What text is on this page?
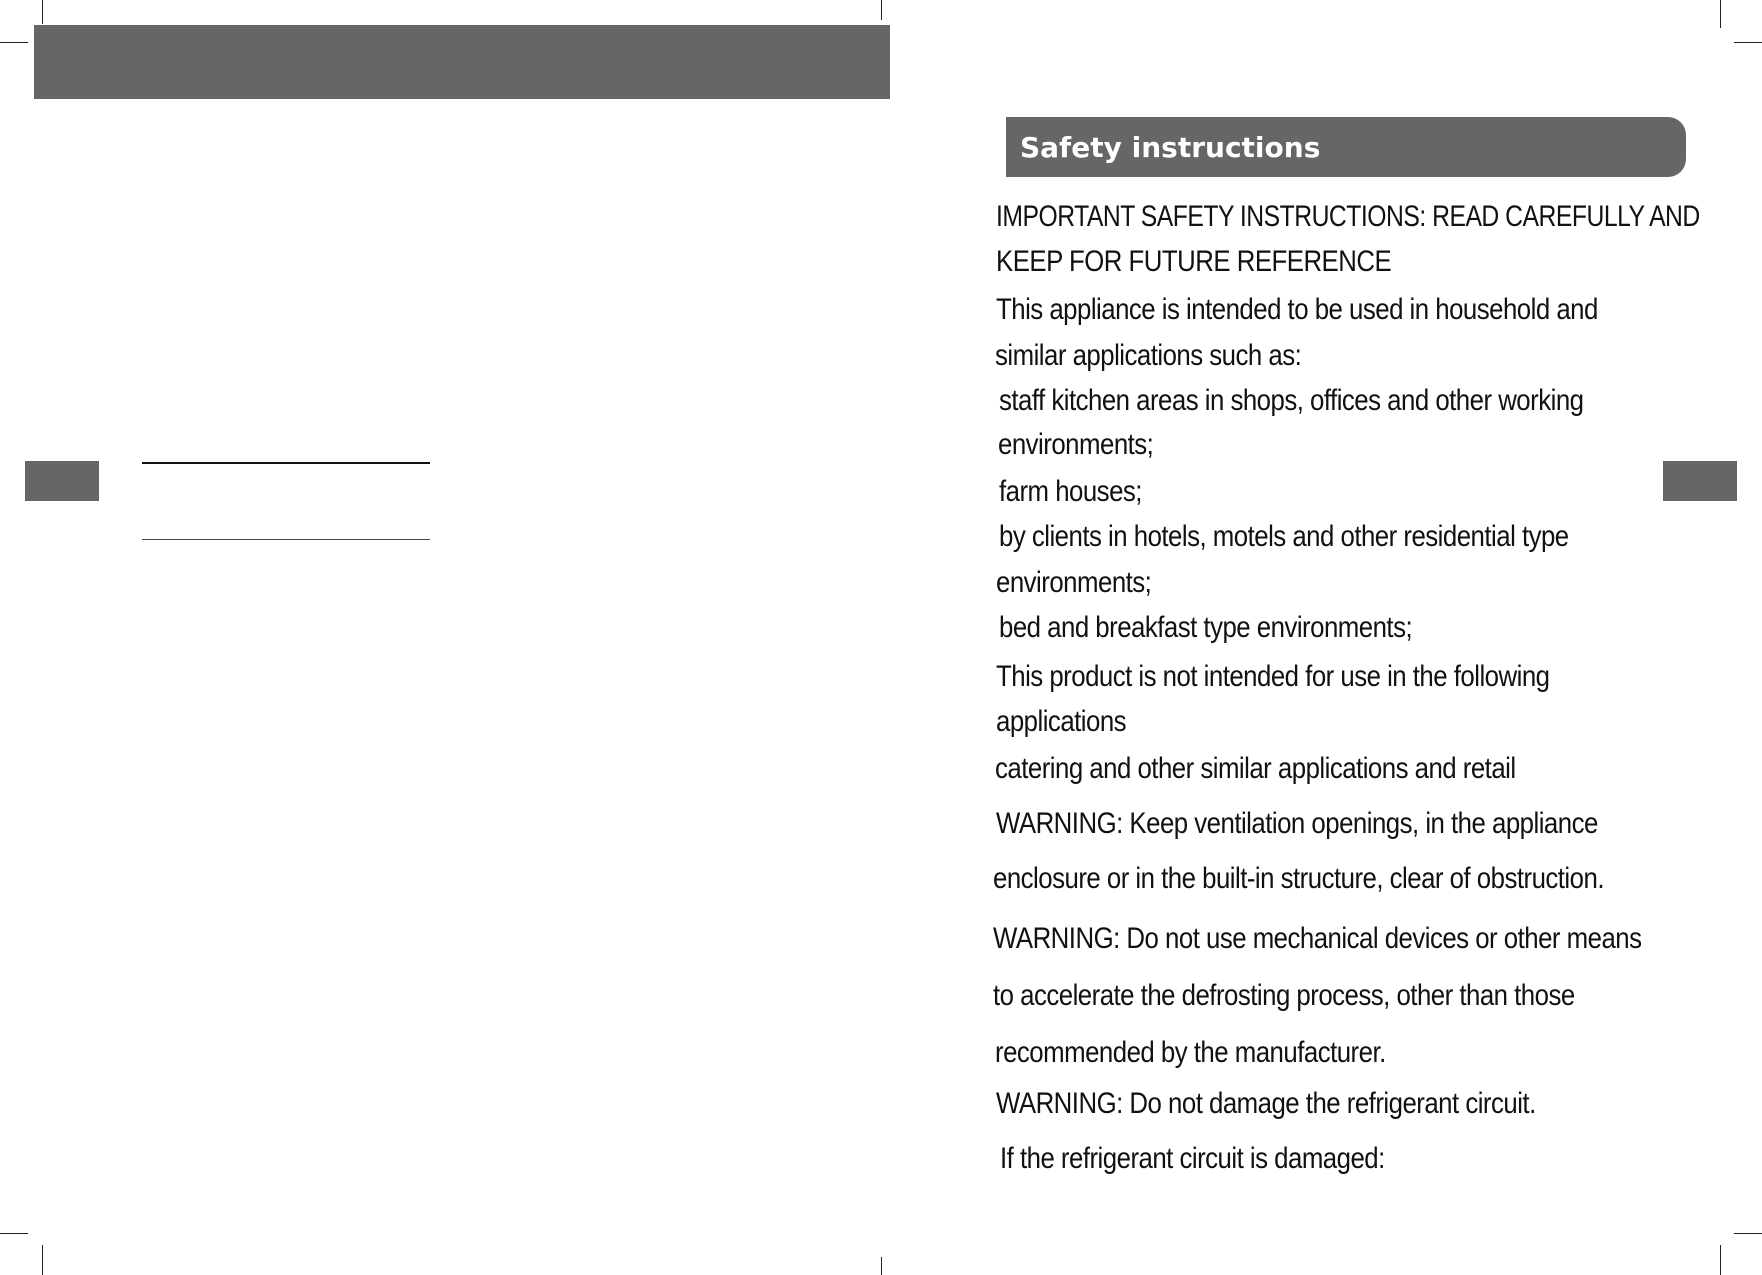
Safety instructions
IMPORTANT SAFETY INSTRUCTIONS: READ CAREFULLY AND
KEEP FOR FUTURE REFERENCE
This appliance is intended to be used in household and
similar applications such as:
staff kitchen areas in shops, offices and other working
environments;
farm houses;
by clients in hotels, motels and other residential type
environments;
bed and breakfast type environments;
This product is not intended for use in the following
applications
catering and other similar applications and retail
WARNING: Keep ventilation openings, in the appliance
enclosure or in the built-in structure, clear of obstruction.
WARNING: Do not use mechanical devices or other means
to accelerate the defrosting process, other than those
recommended by the manufacturer.
WARNING: Do not damage the refrigerant circuit.
If the refrigerant circuit is damaged:
